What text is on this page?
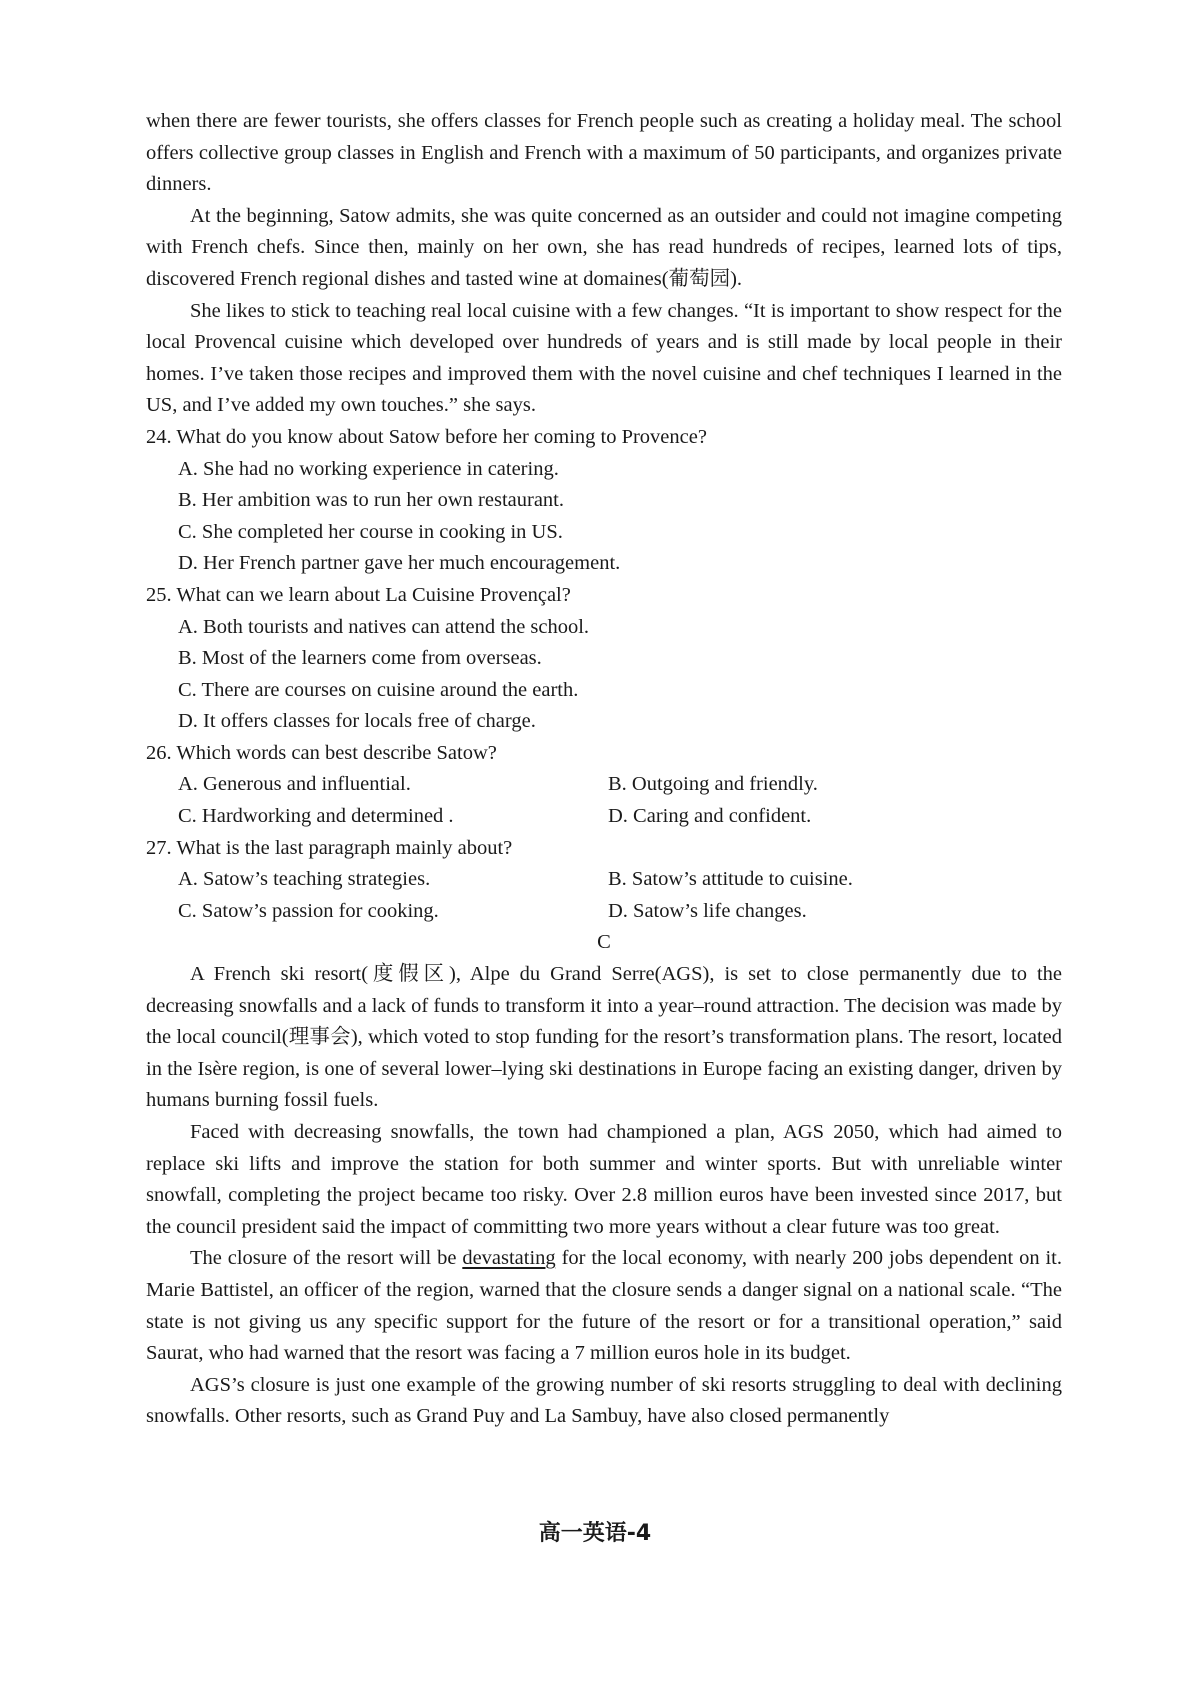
when there are fewer tourists, she offers classes for French people such as creating a holiday meal. The school offers collective group classes in English and French with a maximum of 50 participants, and organizes private dinners.

At the beginning, Satow admits, she was quite concerned as an outsider and could not imagine competing with French chefs. Since then, mainly on her own, she has read hundreds of recipes, learned lots of tips, discovered French regional dishes and tasted wine at domaines(葡萄园).

She likes to stick to teaching real local cuisine with a few changes. “It is important to show respect for the local Provencal cuisine which developed over hundreds of years and is still made by local people in their homes. I’ve taken those recipes and improved them with the novel cuisine and chef techniques I learned in the US, and I’ve added my own touches.” she says.

24. What do you know about Satow before her coming to Provence?

A. She had no working experience in catering.

B. Her ambition was to run her own restaurant.

C. She completed her course in cooking in US.

D. Her French partner gave her much encouragement.

25. What can we learn about La Cuisine Provençal?

A. Both tourists and natives can attend the school.

B. Most of the learners come from overseas.

C. There are courses on cuisine around the earth.

D. It offers classes for locals free of charge.

26. Which words can best describe Satow?

A. Generous and influential.	B. Outgoing and friendly.

C. Hardworking and determined .	D. Caring and confident.

27. What is the last paragraph mainly about?

A. Satow’s teaching strategies.	B. Satow’s attitude to cuisine.

C. Satow’s passion for cooking.	D. Satow’s life changes.

C

A French ski resort(度假区), Alpe du Grand Serre(AGS), is set to close permanently due to the decreasing snowfalls and a lack of funds to transform it into a year–round attraction. The decision was made by the local council(理事会), which voted to stop funding for the resort’s transformation plans. The resort, located in the Isère region, is one of several lower–lying ski destinations in Europe facing an existing danger, driven by humans burning fossil fuels.

Faced with decreasing snowfalls, the town had championed a plan, AGS 2050, which had aimed to replace ski lifts and improve the station for both summer and winter sports. But with unreliable winter snowfall, completing the project became too risky. Over 2.8 million euros have been invested since 2017, but the council president said the impact of committing two more years without a clear future was too great.

The closure of the resort will be devastating for the local economy, with nearly 200 jobs dependent on it. Marie Battistel, an officer of the region, warned that the closure sends a danger signal on a national scale. “The state is not giving us any specific support for the future of the resort or for a transitional operation,” said Saurat, who had warned that the resort was facing a 7 million euros hole in its budget.

AGS’s closure is just one example of the growing number of ski resorts struggling to deal with declining snowfalls. Other resorts, such as Grand Puy and La Sambuy, have also closed permanently

高一英语-4
